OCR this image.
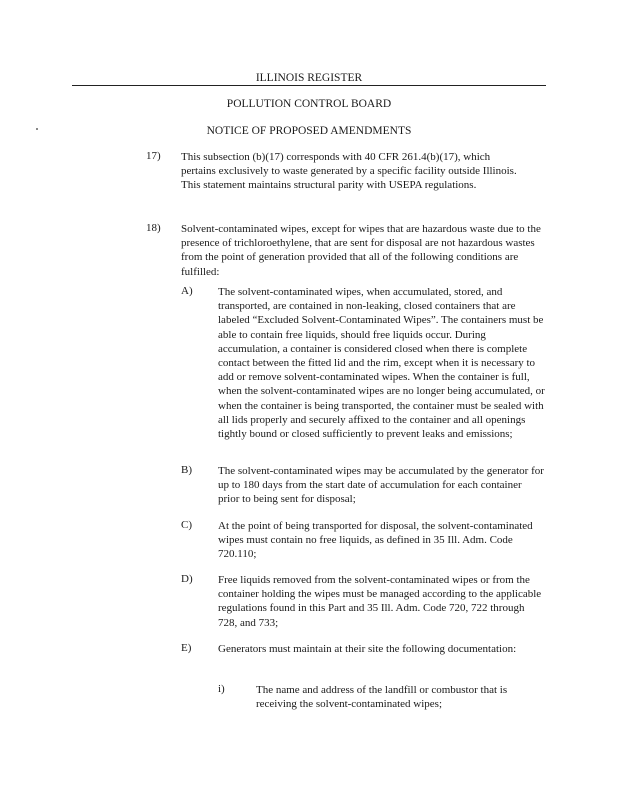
ILLINOIS REGISTER
POLLUTION CONTROL BOARD
NOTICE OF PROPOSED AMENDMENTS
17) This subsection (b)(17) corresponds with 40 CFR 261.4(b)(17), which pertains exclusively to waste generated by a specific facility outside Illinois. This statement maintains structural parity with USEPA regulations.
18) Solvent-contaminated wipes, except for wipes that are hazardous waste due to the presence of trichloroethylene, that are sent for disposal are not hazardous wastes from the point of generation provided that all of the following conditions are fulfilled:
A) The solvent-contaminated wipes, when accumulated, stored, and transported, are contained in non-leaking, closed containers that are labeled “Excluded Solvent-Contaminated Wipes”. The containers must be able to contain free liquids, should free liquids occur. During accumulation, a container is considered closed when there is complete contact between the fitted lid and the rim, except when it is necessary to add or remove solvent-contaminated wipes. When the container is full, when the solvent-contaminated wipes are no longer being accumulated, or when the container is being transported, the container must be sealed with all lids properly and securely affixed to the container and all openings tightly bound or closed sufficiently to prevent leaks and emissions;
B) The solvent-contaminated wipes may be accumulated by the generator for up to 180 days from the start date of accumulation for each container prior to being sent for disposal;
C) At the point of being transported for disposal, the solvent-contaminated wipes must contain no free liquids, as defined in 35 Ill. Adm. Code 720.110;
D) Free liquids removed from the solvent-contaminated wipes or from the container holding the wipes must be managed according to the applicable regulations found in this Part and 35 Ill. Adm. Code 720, 722 through 728, and 733;
E) Generators must maintain at their site the following documentation:
i)	The name and address of the landfill or combustor that is receiving the solvent-contaminated wipes;
